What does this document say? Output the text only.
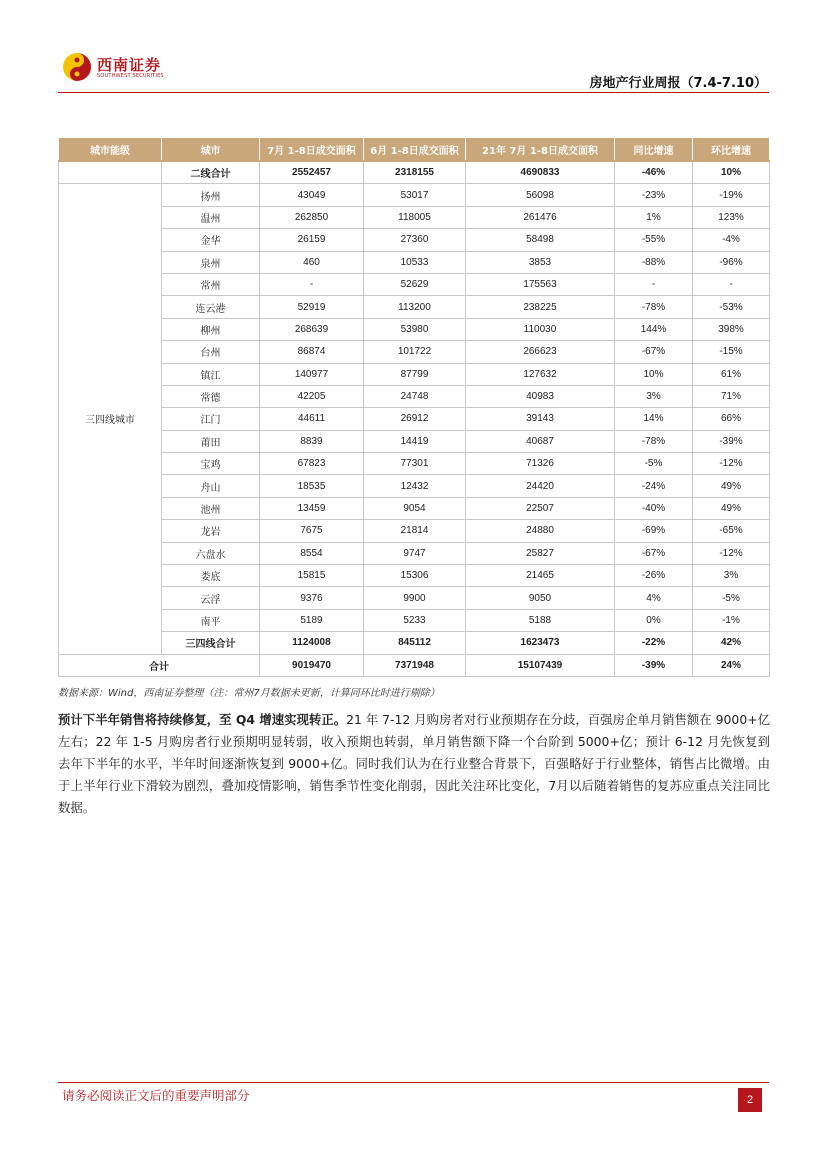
西南证券
SOUTHWEST SECURITIES	房地产行业周报（7.4-7.10）
城市能级	城市	7月 1-8日成交面积	6月 1-8日成交面积	21年 7月 1-8日成交面积	同比增速	环比增速
	二线合计	2552457	2318155	4690833	-46%	10%
三四线城市	扬州	43049	53017	56098	-23%	-19%
	温州	262850	118005	261476	1%	123%
	金华	26159	27360	58498	-55%	-4%
	泉州	460	10533	3853	-88%	-96%
	常州	-	52629	175563	-	-
	连云港	52919	113200	238225	-78%	-53%
	柳州	268639	53980	110030	144%	398%
	台州	86874	101722	266623	-67%	-15%
	镇江	140977	87799	127632	10%	61%
	常德	42205	24748	40983	3%	71%
	江门	44611	26912	39143	14%	66%
	莆田	8839	14419	40687	-78%	-39%
	宝鸡	67823	77301	71326	-5%	-12%
	舟山	18535	12432	24420	-24%	49%
	池州	13459	9054	22507	-40%	49%
	龙岩	7675	21814	24880	-69%	-65%
	六盘水	8554	9747	25827	-67%	-12%
	娄底	15815	15306	21465	-26%	3%
	云浮	9376	9900	9050	4%	-5%
	南平	5189	5233	5188	0%	-1%
	三四线合计	1124008	845112	1623473	-22%	42%
合计		9019470	7371948	15107439	-39%	24%
数据来源：Wind，西南证券整理（注：常州7月数据未更新，计算同环比时进行剔除）
预计下半年销售将持续修复，至 Q4 增速实现转正。21 年 7-12 月购房者对行业预期存在分歧，百强房企单月销售额在 9000+亿左右；22 年 1-5 月购房者行业预期明显转弱，收入预期也转弱，单月销售额下降一个台阶到 5000+亿；预计 6-12 月先恢复到去年下半年的水平，半年时间逐渐恢复到 9000+亿。同时我们认为在行业整合背景下，百强略好于行业整体，销售占比微增。由于上半年行业下滑较为剧烈，叠加疫情影响，销售季节性变化削弱，因此关注环比变化，7月以后随着销售的复苏应重点关注同比数据。
请务必阅读正文后的重要声明部分	2
